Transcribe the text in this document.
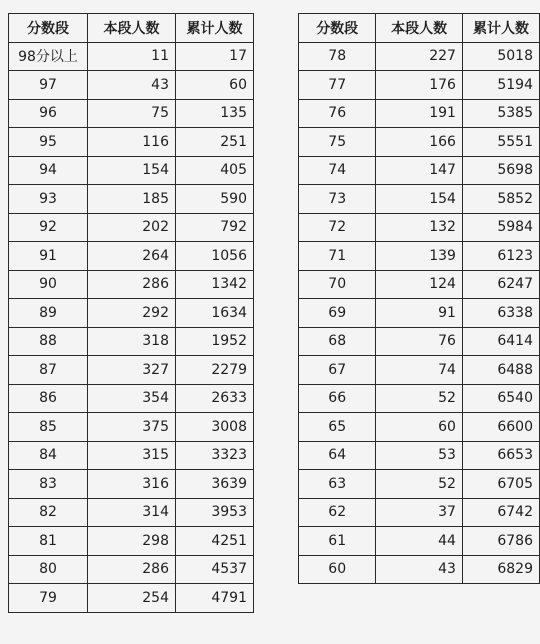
分数段	本段人数	累计人数
98分以上	11	17
97	43	60
96	75	135
95	116	251
94	154	405
93	185	590
92	202	792
91	264	1056
90	286	1342
89	292	1634
88	318	1952
87	327	2279
86	354	2633
85	375	3008
84	315	3323
83	316	3639
82	314	3953
81	298	4251
80	286	4537
79	254	4791
分数段	本段人数	累计人数
78	227	5018
77	176	5194
76	191	5385
75	166	5551
74	147	5698
73	154	5852
72	132	5984
71	139	6123
70	124	6247
69	91	6338
68	76	6414
67	74	6488
66	52	6540
65	60	6600
64	53	6653
63	52	6705
62	37	6742
61	44	6786
60	43	6829
